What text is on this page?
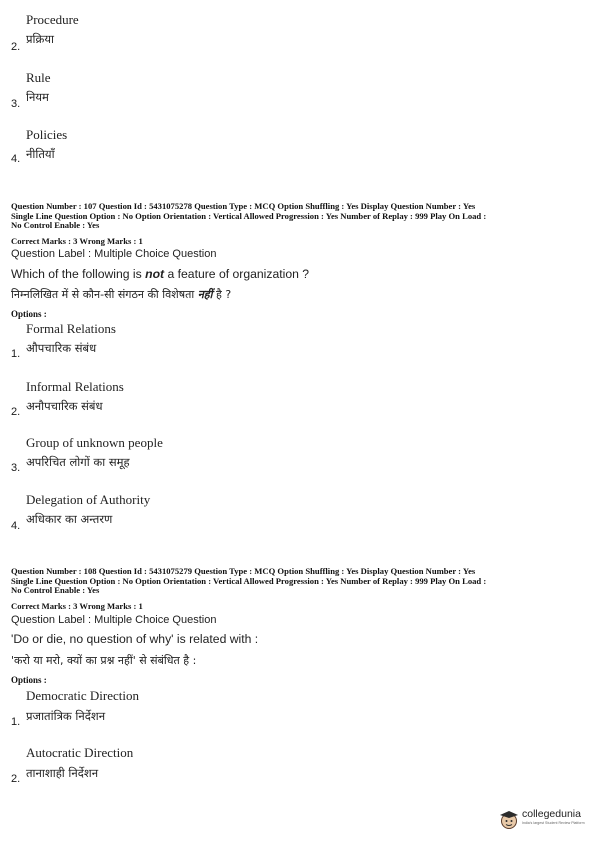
Procedure
प्रक्रिया
2.
Rule
नियम
3.
Policies
नीतियाँ
4.
Question Number : 107 Question Id : 5431075278 Question Type : MCQ Option Shuffling : Yes Display Question Number : Yes
Single Line Question Option : No Option Orientation : Vertical Allowed Progression : Yes Number of Replay : 999 Play On Load :
No Control Enable : Yes
Correct Marks : 3 Wrong Marks : 1
Question Label : Multiple Choice Question
Which of the following is not a feature of organization ?
निम्नलिखित में से कौन-सी संगठन की विशेषता नहीं है ?
Options :
Formal Relations
औपचारिक संबंध
1.
Informal Relations
अनौपचारिक संबंध
2.
Group of unknown people
अपरिचित लोगों का समूह
3.
Delegation of Authority
अधिकार का अन्तरण
4.
Question Number : 108 Question Id : 5431075279 Question Type : MCQ Option Shuffling : Yes Display Question Number : Yes
Single Line Question Option : No Option Orientation : Vertical Allowed Progression : Yes Number of Replay : 999 Play On Load :
No Control Enable : Yes
Correct Marks : 3 Wrong Marks : 1
Question Label : Multiple Choice Question
'Do or die, no question of why' is related with :
'करो या मरो, क्यों का प्रश्न नहीं' से संबंधित है :
Options :
Democratic Direction
प्रजातांत्रिक निर्देशन
1.
Autocratic Direction
तानाशाही निर्देशन
2.
collegedunia
India's largest Student Review Platform
